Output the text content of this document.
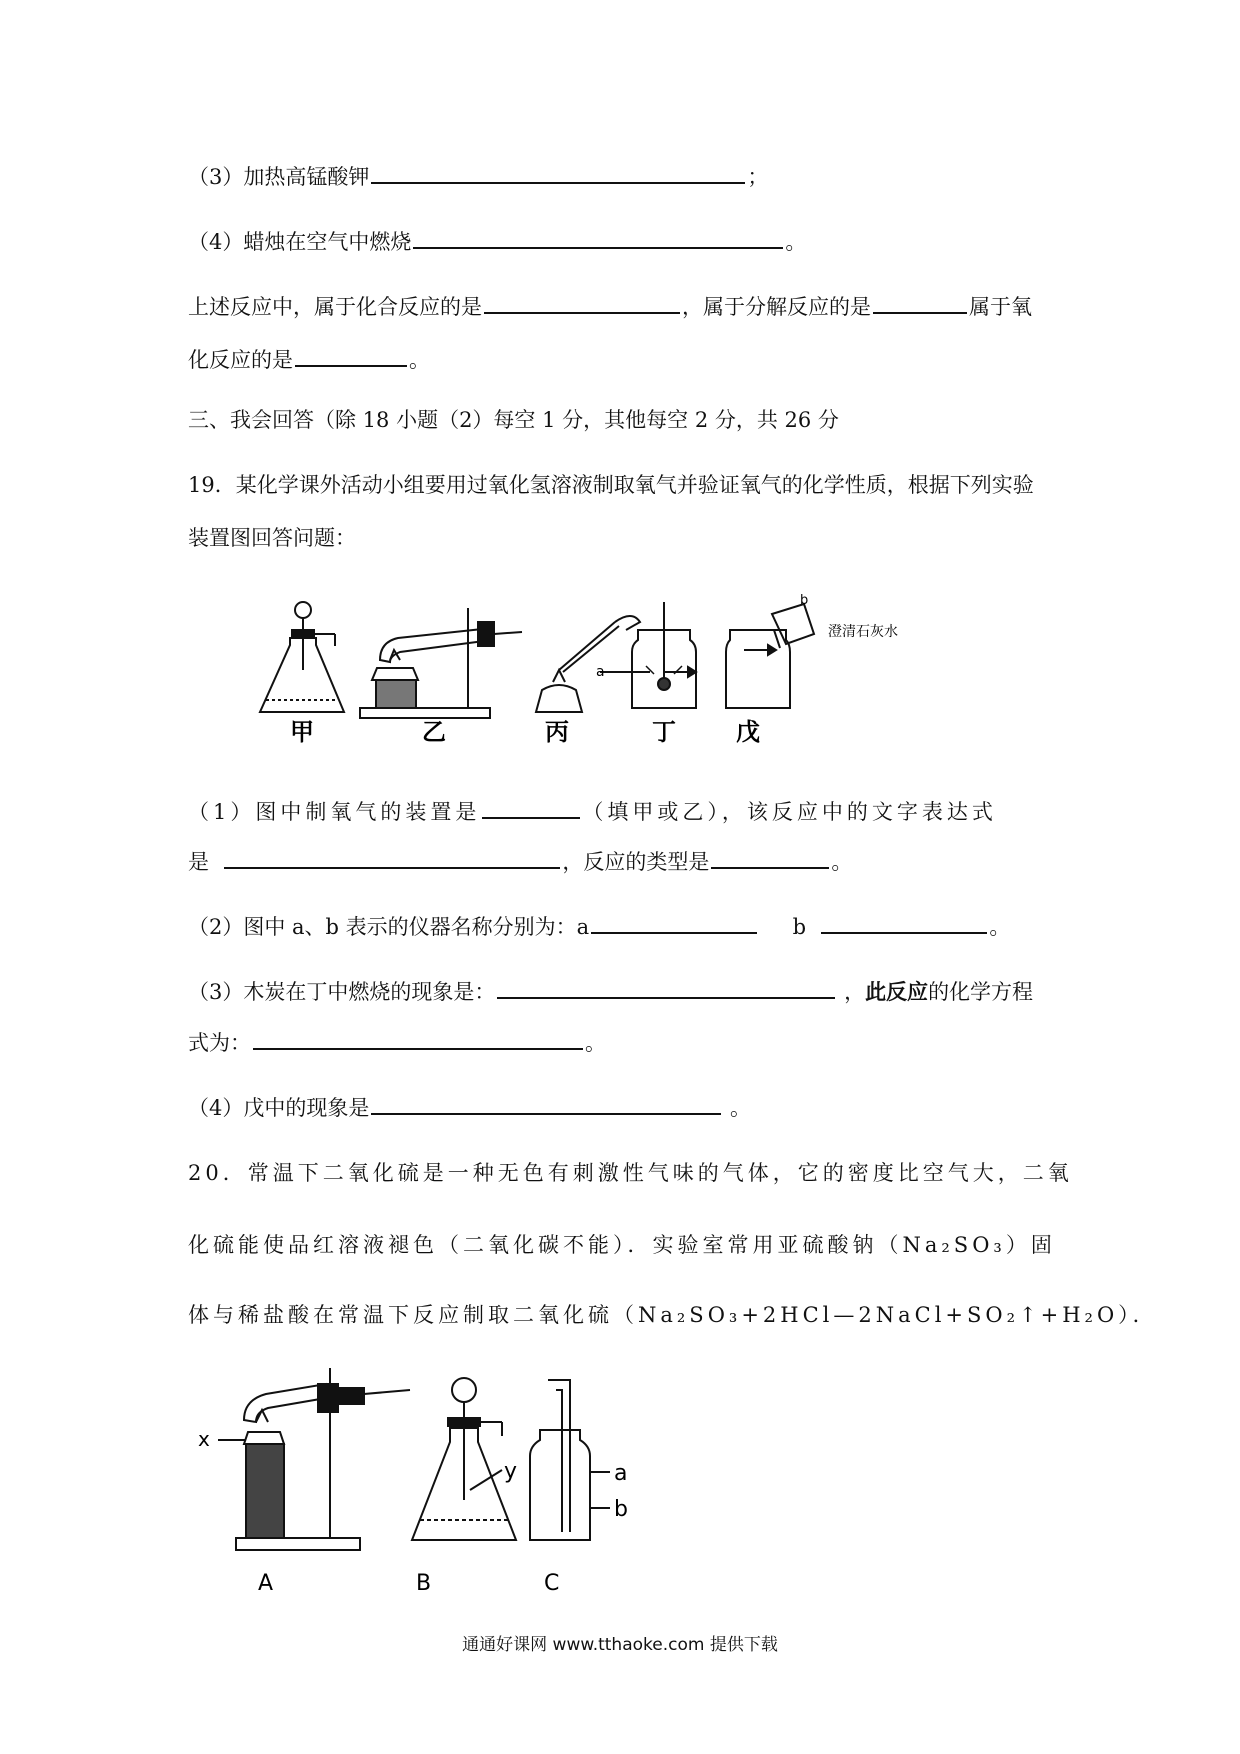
（3）加热高锰酸钾	；
（4）蜡烛在空气中燃烧	。
上述反应中，属于化合反应的是	，属于分解反应的是	属于氧
化反应的是	。
三、我会回答（除 18 小题（2）每空 1 分，其他每空 2 分，共 26 分
19．某化学课外活动小组要用过氧化氢溶液制取氧气并验证氧气的化学性质，根据下列实验
装置图回答问题：
a
b
澄清石灰水
甲	乙	丙	丁	戊
（1）图中制氧气的装置是	（填甲或乙），该反应中的文字表达式
是	，反应的类型是	。
（2）图中 a、b 表示的仪器名称分别为：a	b	。
（3）木炭在丁中燃烧的现象是：	，此反应的化学方程
式为：	。
（4）戊中的现象是	。
20．常温下二氧化硫是一种无色有刺激性气味的气体，它的密度比空气大，二氧
化硫能使品红溶液褪色（二氧化碳不能）．实验室常用亚硫酸钠（Na₂SO₃）固
体与稀盐酸在常温下反应制取二氧化硫（Na₂SO₃+2HCl—2NaCl+SO₂↑+H₂O）．
x
y	a
b
A	B	C
通通好课网 www.tthaoke.com 提供下载
